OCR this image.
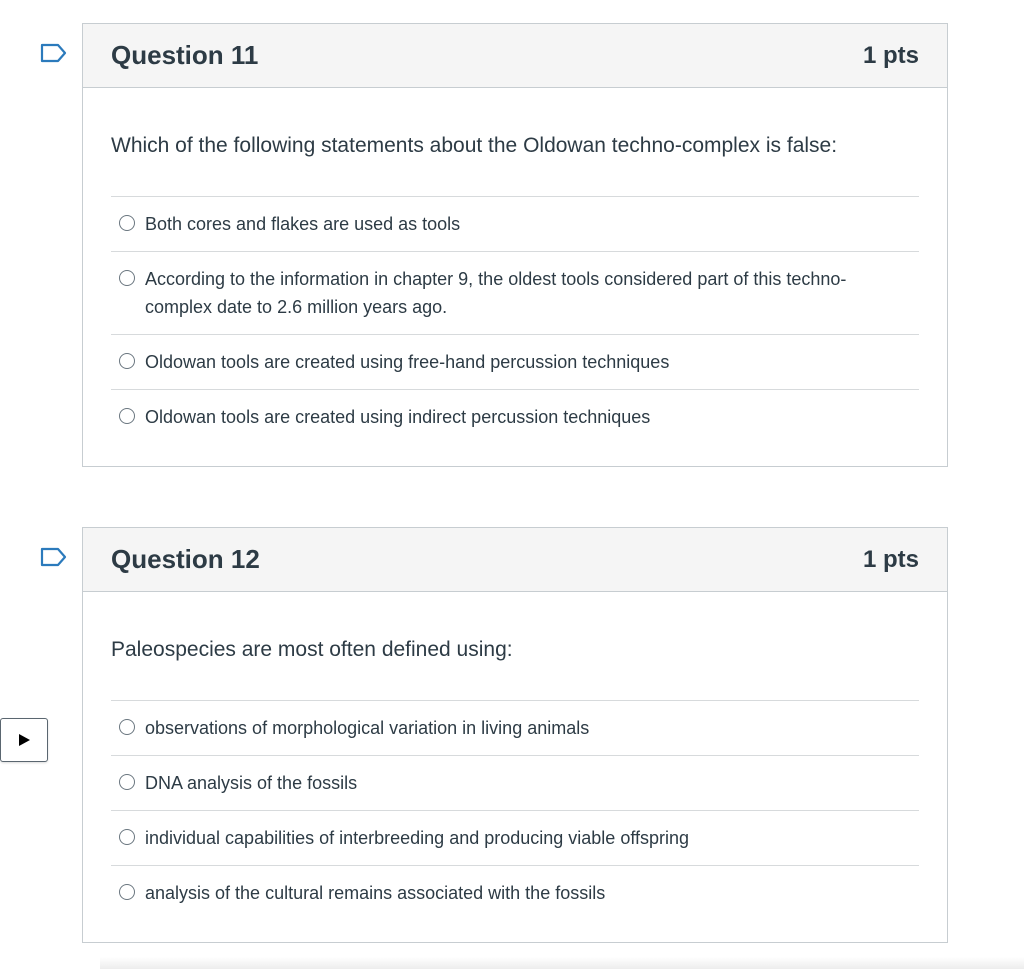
Question 11	1 pts
Which of the following statements about the Oldowan techno-complex is false:
Both cores and flakes are used as tools
According to the information in chapter 9, the oldest tools considered part of this techno-complex date to 2.6 million years ago.
Oldowan tools are created using free-hand percussion techniques
Oldowan tools are created using indirect percussion techniques
Question 12	1 pts
Paleospecies are most often defined using:
observations of morphological variation in living animals
DNA analysis of the fossils
individual capabilities of interbreeding and producing viable offspring
analysis of the cultural remains associated with the fossils
